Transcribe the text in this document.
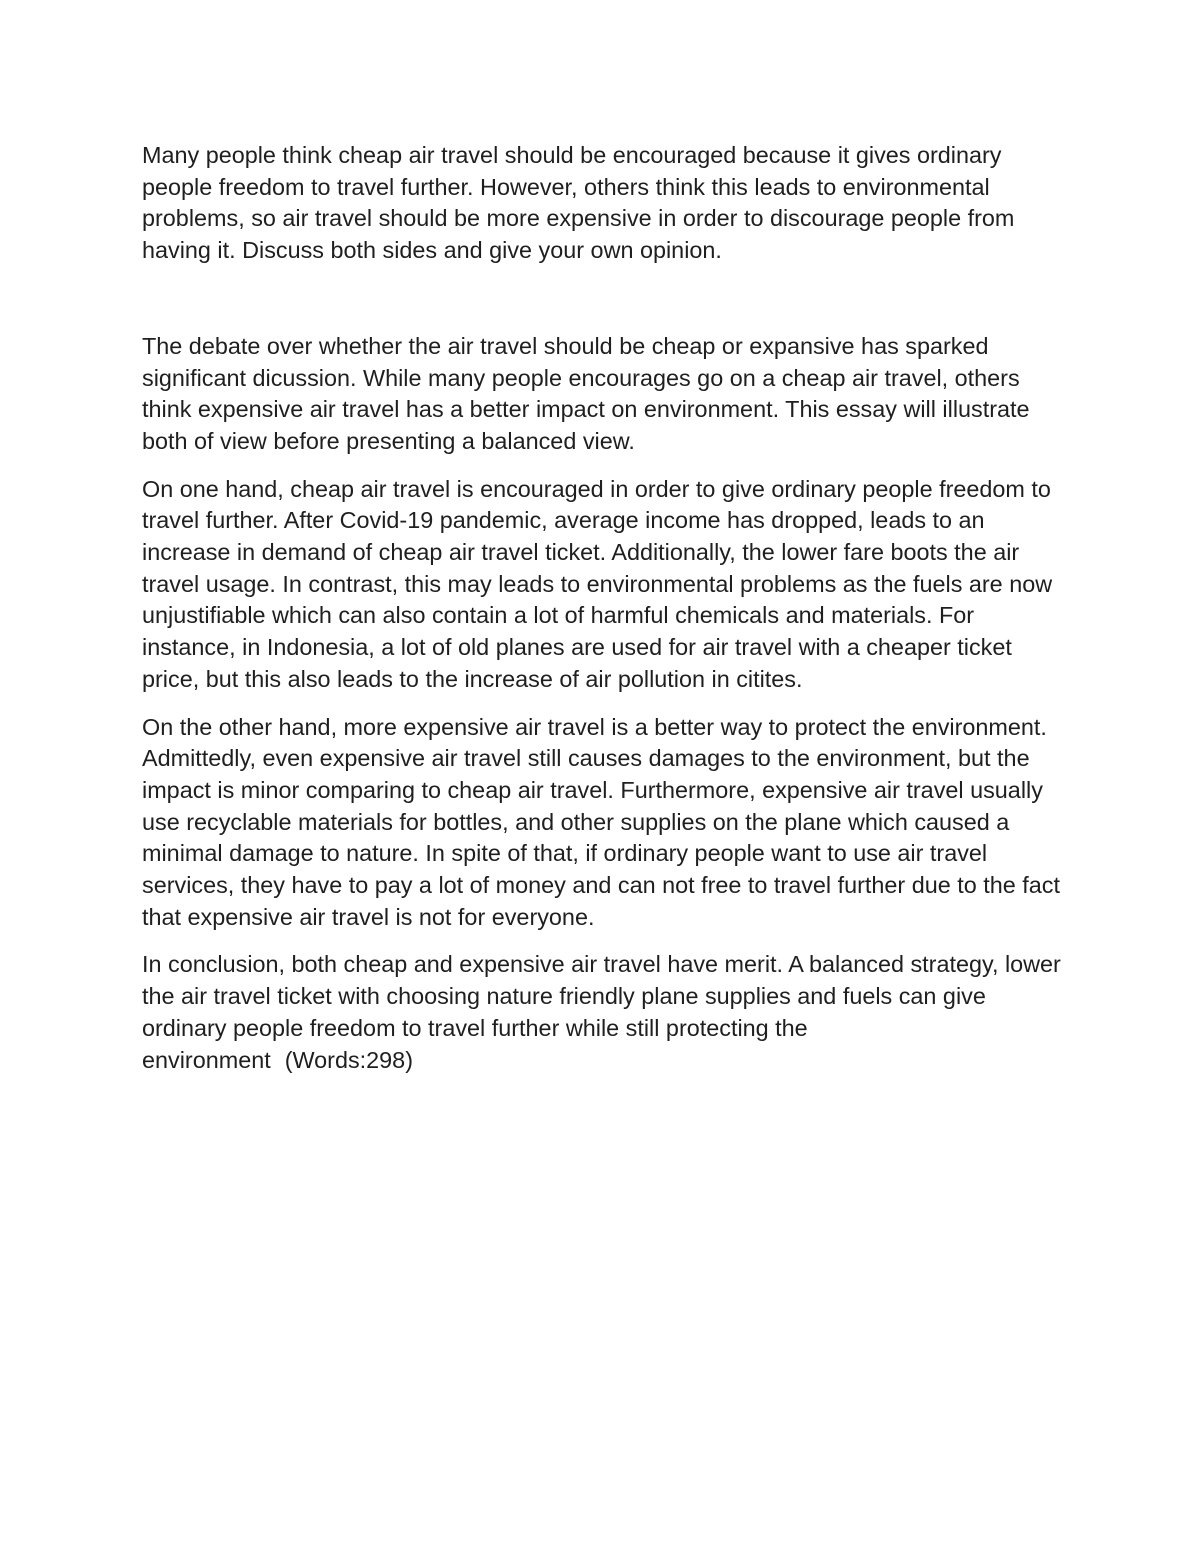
Many people think cheap air travel should be encouraged because it gives ordinary people freedom to travel further. However, others think this leads to environmental problems, so air travel should be more expensive in order to discourage people from having it. Discuss both sides and give your own opinion.

The debate over whether the air travel should be cheap or expansive has sparked significant dicussion. While many people encourages go on a cheap air travel, others think expensive air travel has a better impact on environment. This essay will illustrate both of view before presenting a balanced view.

On one hand, cheap air travel is encouraged in order to give ordinary people freedom to travel further. After Covid-19 pandemic, average income has dropped, leads to an increase in demand of cheap air travel ticket. Additionally, the lower fare boots the air travel usage. In contrast, this may leads to environmental problems as the fuels are now unjustifiable which can also contain a lot of harmful chemicals and materials. For instance, in Indonesia, a lot of old planes are used for air travel with a cheaper ticket price, but this also leads to the increase of air pollution in citites.

On the other hand, more expensive air travel is a better way to protect the environment. Admittedly, even expensive air travel still causes damages to the environment, but the impact is minor comparing to cheap air travel. Furthermore, expensive air travel usually use recyclable materials for bottles, and other supplies on the plane which caused a minimal damage to nature. In spite of that, if ordinary people want to use air travel services, they have to pay a lot of money and can not free to travel further due to the fact that expensive air travel is not for everyone.

In conclusion, both cheap and expensive air travel have merit. A balanced strategy, lower the air travel ticket with choosing nature friendly plane supplies and fuels can give ordinary people freedom to travel further while still protecting the environment (Words:298)
